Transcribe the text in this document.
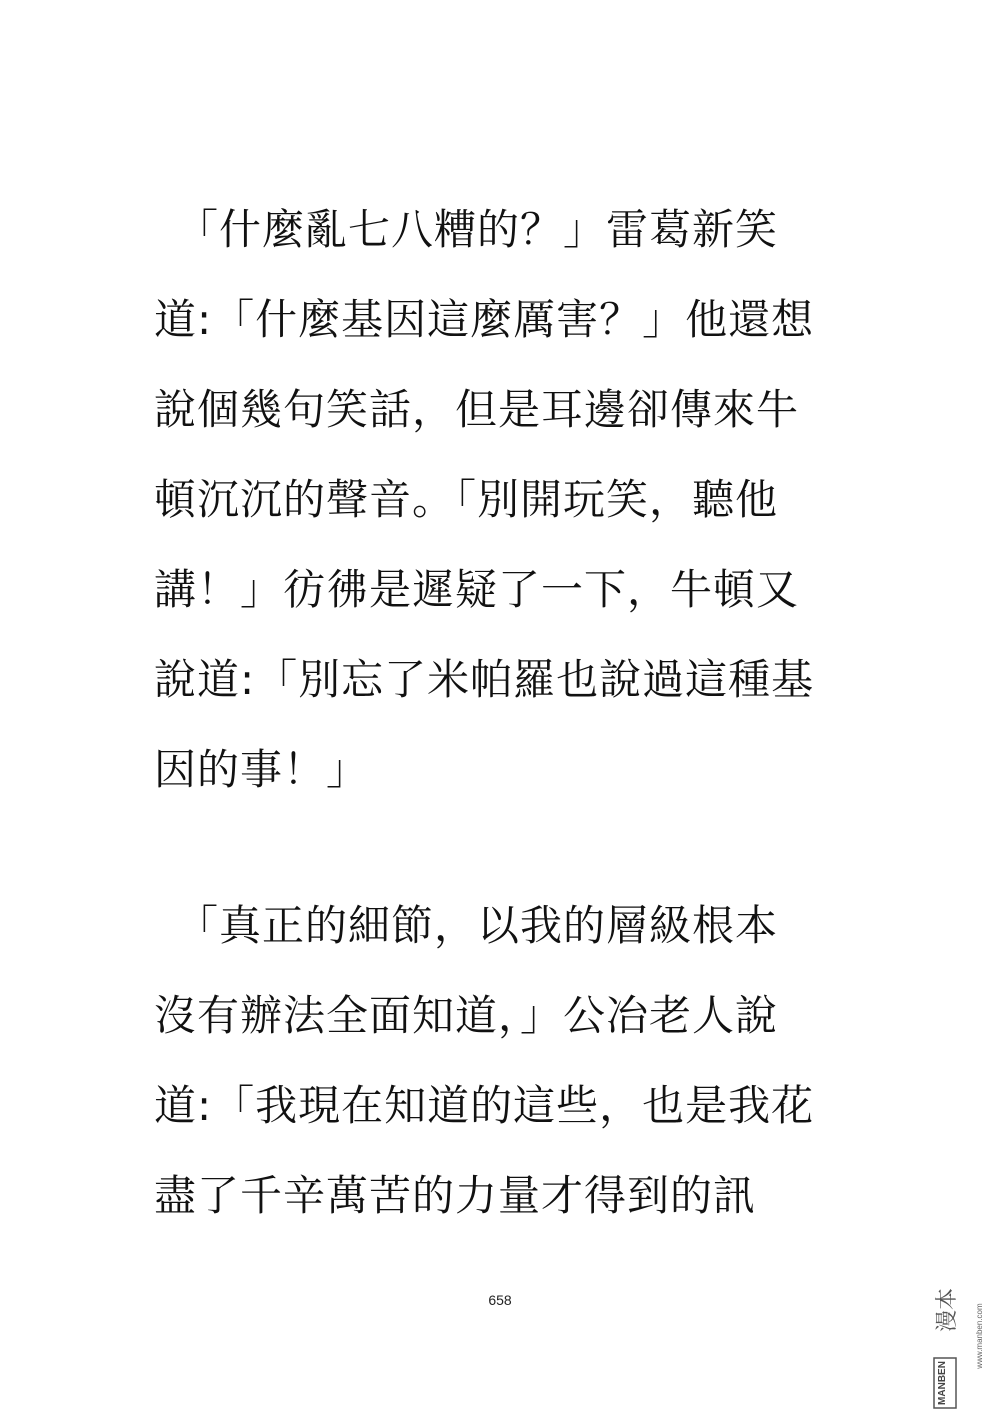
　「什麼亂七八糟的？」雷葛新笑
道:「什麼基因這麼厲害？」他還想
說個幾句笑話，但是耳邊卻傳來牛
頓沉沉的聲音。「別開玩笑，聽他
講！」彷彿是遲疑了一下，牛頓又
說道:「別忘了米帕羅也說過這種基
因的事！」
　「真正的細節，以我的層級根本
沒有辦法全面知道，」公冶老人說
道:「我現在知道的這些，也是我花
盡了千辛萬苦的力量才得到的訊
658
MANBEN
漫本 www.manben.com
